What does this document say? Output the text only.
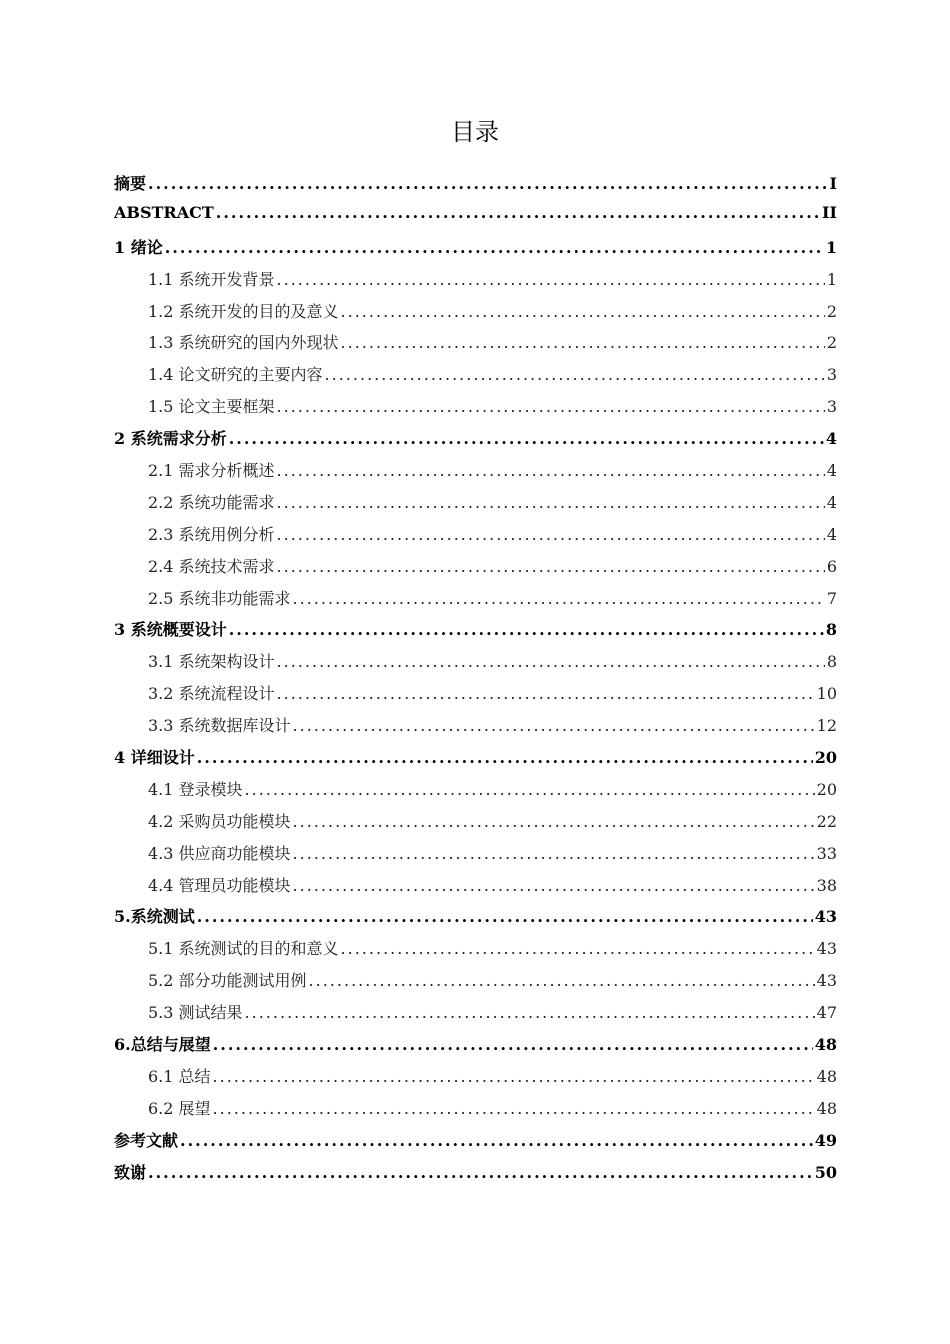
目录
摘要 .....	I
ABSTRACT .....	II
1 绪论 .....	1
1.1 系统开发背景 .....	1
1.2 系统开发的目的及意义 .....	2
1.3 系统研究的国内外现状 .....	2
1.4 论文研究的主要内容 .....	3
1.5 论文主要框架 .....	3
2 系统需求分析 .....	4
2.1 需求分析概述 .....	4
2.2 系统功能需求 .....	4
2.3 系统用例分析 .....	4
2.4 系统技术需求 .....	6
2.5 系统非功能需求 .....	7
3 系统概要设计 .....	8
3.1 系统架构设计 .....	8
3.2 系统流程设计 .....	10
3.3 系统数据库设计 .....	12
4 详细设计 .....	20
4.1 登录模块 .....	20
4.2 采购员功能模块 .....	22
4.3 供应商功能模块 .....	33
4.4 管理员功能模块 .....	38
5.系统测试 .....	43
5.1 系统测试的目的和意义 .....	43
5.2 部分功能测试用例 .....	43
5.3 测试结果 .....	47
6.总结与展望 .....	48
6.1 总结 .....	48
6.2 展望 .....	48
参考文献 .....	49
致谢 .....	50
